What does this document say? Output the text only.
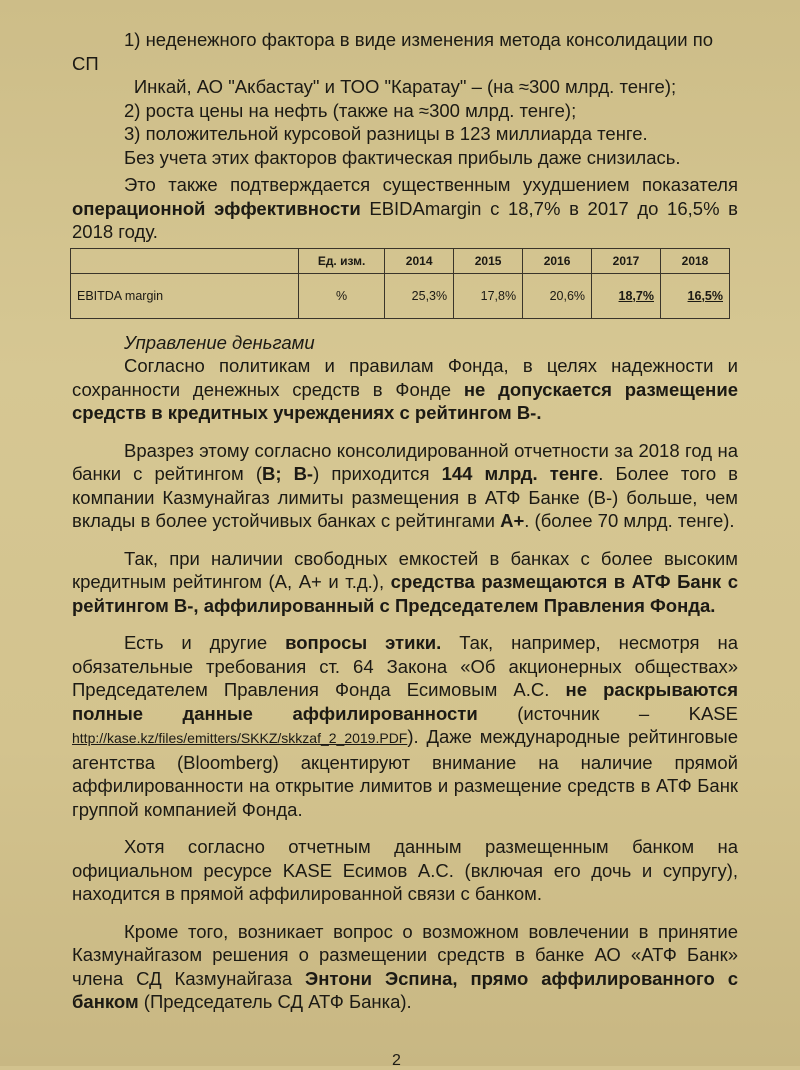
1) неденежного фактора в виде изменения метода консолидации по СП

Инкай, АО "Акбастау" и ТОО "Каратау" – (на ≈300 млрд. тенге);

2) роста цены на нефть (также на ≈300 млрд. тенге);

3) положительной курсовой разницы в 123 миллиарда тенге.

Без учета этих факторов фактическая прибыль даже снизилась.

Это также подтверждается существенным ухудшением показателя операционной эффективности EBIDAmargin с 18,7% в 2017 до 16,5% в 2018 году.

	Ед. изм.	2014	2015	2016	2017	2018
EBITDA margin	%	25,3%	17,8%	20,6%	18,7%	16,5%

Управление деньгами

Согласно политикам и правилам Фонда, в целях надежности и сохранности денежных средств в Фонде не допускается размещение средств в кредитных учреждениях с рейтингом В-.

Вразрез этому согласно консолидированной отчетности за 2018 год на банки с рейтингом (В; В-) приходится 144 млрд. тенге. Более того в компании Казмунайгаз лимиты размещения в АТФ Банке (В-) больше, чем вклады в более устойчивых банках с рейтингами А+. (более 70 млрд. тенге).

Так, при наличии свободных емкостей в банках с более высоким кредитным рейтингом (А, А+ и т.д.), средства размещаются в АТФ Банк с рейтингом В-, аффилированный с Председателем Правления Фонда.

Есть и другие вопросы этики. Так, например, несмотря на обязательные требования ст. 64 Закона «Об акционерных обществах» Председателем Правления Фонда Есимовым А.С. не раскрываются полные данные аффилированности (источник – KASE http://kase.kz/files/emitters/SKKZ/skkzaf_2_2019.PDF). Даже международные рейтинговые агентства (Bloomberg) акцентируют внимание на наличие прямой аффилированности на открытие лимитов и размещение средств в АТФ Банк группой компанией Фонда.

Хотя согласно отчетным данным размещенным банком на официальном ресурсе KASE Есимов А.С. (включая его дочь и супругу), находится в прямой аффилированной связи с банком.

Кроме того, возникает вопрос о возможном вовлечении в принятие Казмунайгазом решения о размещении средств в банке АО «АТФ Банк» члена СД Казмунайгаза Энтони Эспина, прямо аффилированного с банком (Председатель СД АТФ Банка).

2
